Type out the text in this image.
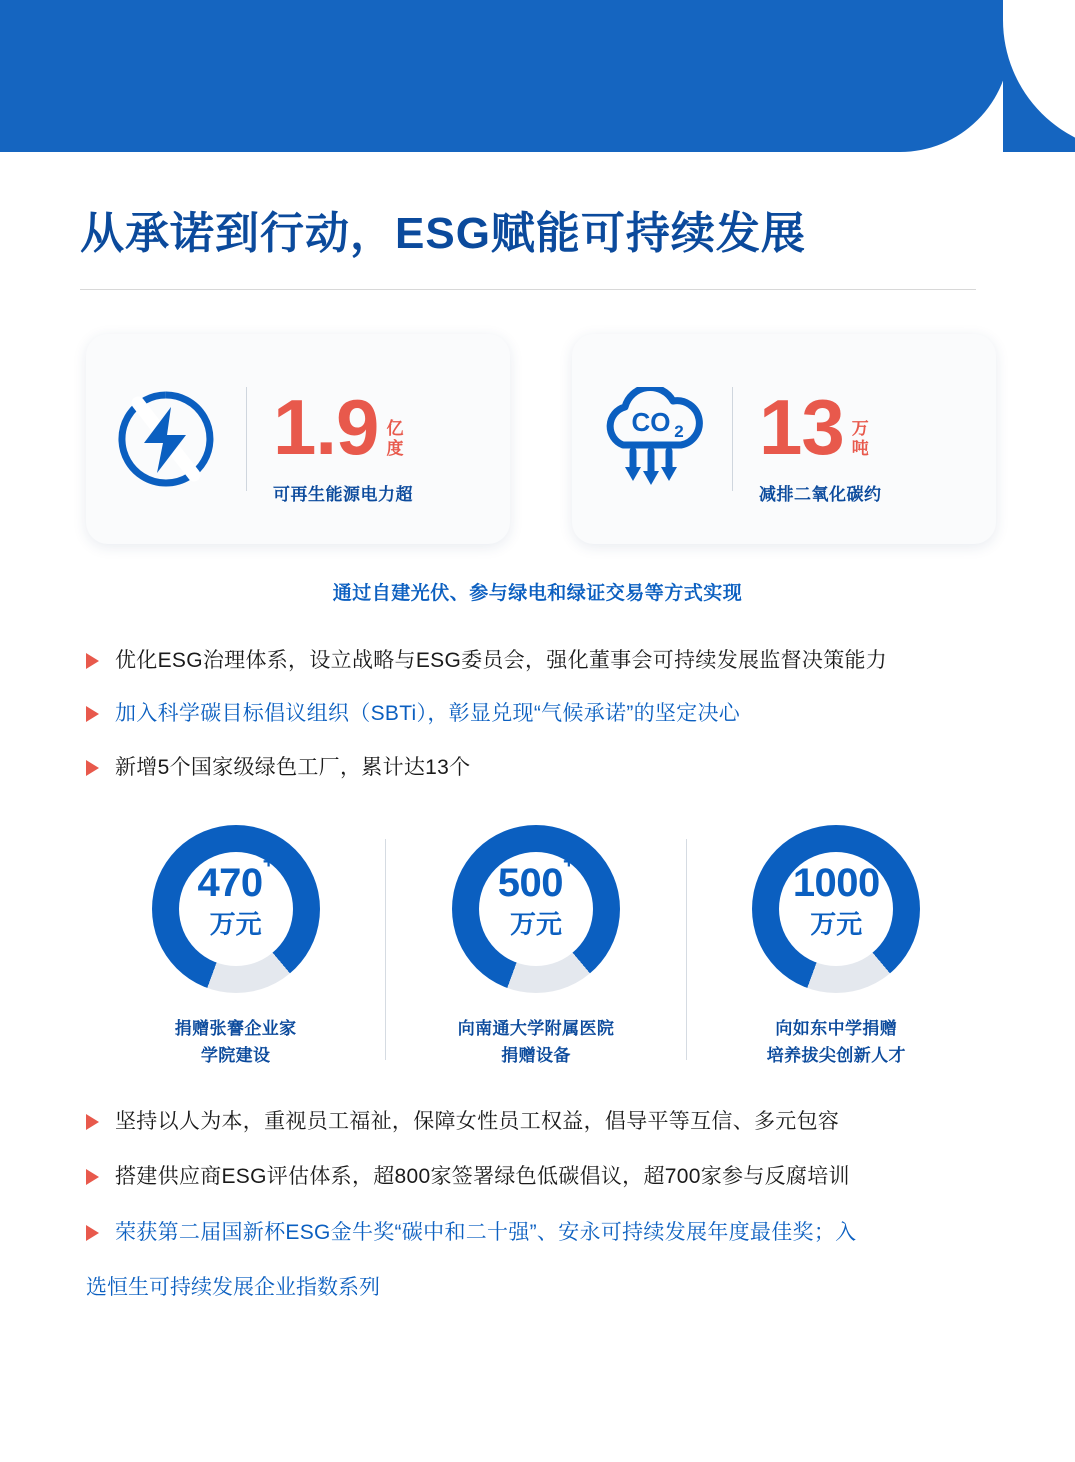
从承诺到行动，ESG赋能可持续发展
1.9 亿
度
可再生能源电力超
CO 2 13 万
吨
减排二氧化碳约
通过自建光伏、参与绿电和绿证交易等方式实现
优化ESG治理体系，设立战略与ESG委员会，强化董事会可持续发展监督决策能力
加入科学碳目标倡议组织（SBTi），彰显兑现“气候承诺”的坚定决心
新增5个国家级绿色工厂，累计达13个
470+
万元
捐赠张謇企业家
学院建设
500+
万元
向南通大学附属医院
捐赠设备
1000
万元
向如东中学捐赠
培养拔尖创新人才
坚持以人为本，重视员工福祉，保障女性员工权益，倡导平等互信、多元包容
搭建供应商ESG评估体系，超800家签署绿色低碳倡议，超700家参与反腐培训
荣获第二届国新杯ESG金牛奖“碳中和二十强”、安永可持续发展年度最佳奖；入
选恒生可持续发展企业指数系列
